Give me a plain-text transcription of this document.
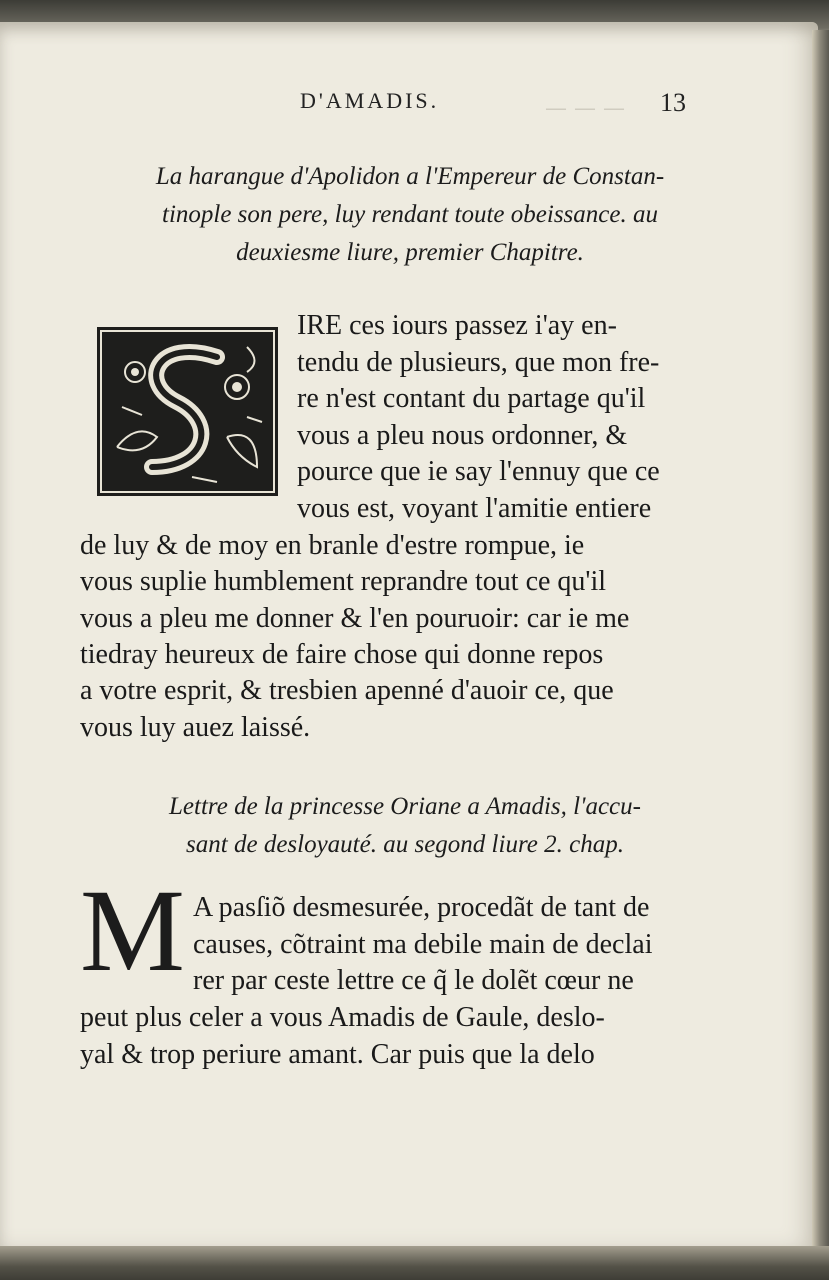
— — —
D'AMADIS.	13
La harangue d'Apolidon a l'Empereur de Constan-
tinople son pere, luy rendant toute obeissance. au
deuxiesme liure, premier Chapitre.
IRE ces iours passez i'ay en-
tendu de plusieurs, que mon fre-
re n'est contant du partage qu'il
vous a pleu nous ordonner, &
pource que ie say l'ennuy que ce
vous est, voyant l'amitie entiere
de luy & de moy en branle d'estre rompue, ie
vous suplie humblement reprandre tout ce qu'il
vous a pleu me donner & l'en pouruoir: car ie me
tiedray heureux de faire chose qui donne repos
a votre esprit, & tresbien apenné d'auoir ce, que
vous luy auez laissé.
Lettre de la princesse Oriane a Amadis, l'accu-
sant de desloyauté. au segond liure 2. chap.
M A pasſiõ desmesurée, procedãt de tant de
causes, cõtraint ma debile main de declai
rer par ceste lettre ce q̃ le dolẽt cœur ne
peut plus celer a vous Amadis de Gaule, deslo-
yal & trop periure amant. Car puis que la delo
